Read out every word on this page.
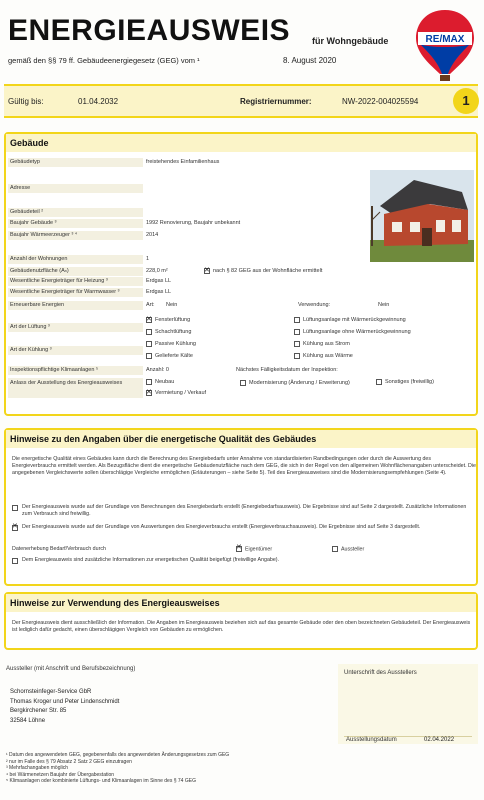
ENERGIEAUSWEIS für Wohngebäude
gemäß den §§ 79 ff. Gebäudeenergiegesetz (GEG) vom ¹	8. August 2020
RE/MAX
Gültig bis:	01.04.2032	Registriernummer:	NW-2022-004025594	1
Gebäude
Gebäudetyp	freistehendes Einfamilienhaus
Adresse
Gebäudeteil ²
Baujahr Gebäude ³	1992 Renovierung, Baujahr unbekannt
Baujahr Wärmeerzeuger ³ ⁴	2014
Anzahl der Wohnungen	1
Gebäudenutzfläche (Aₙ)	228,0 m² ✕	nach § 82 GEG aus der Wohnfläche ermittelt
Wesentliche Energieträger für Heizung ³	Erdgas LL
Wesentliche Energieträger für Warmwasser ³	Erdgas LL
Erneuerbare Energien	Art: Nein	Verwendung:	Nein
Art der Lüftung ³
✕Fensterlüftung
Schachtlüftung
Lüftungsanlage mit Wärmerückgewinnung
Lüftungsanlage ohne Wärmerückgewinnung
Art der Kühlung ³
Passive Kühlung
Geliefertе Kälte
Kühlung aus Strom
Kühlung aus Wärme
Inspektionspflichtige Klimaanlagen ⁵	Anzahl: 0	Nächstes Fälligkeitsdatum der Inspektion:
Anlass der Ausstellung des Energieausweises	Neubau
✕Vermietung / Verkauf
Modernisierung (Änderung / Erweiterung)	Sonstiges (freiwillig)
Hinweise zu den Angaben über die energetische Qualität des Gebäudes
Die energetische Qualität eines Gebäudes kann durch die Berechnung des Energiebedarfs unter Annahme von standardisierten Randbedingungen oder durch die Auswertung des Energieverbrauchs ermittelt werden. Als Bezugsfläche dient die energetische Gebäudenutzfläche nach dem GEG, die sich in der Regel von den allgemeinen Wohnflächenangaben unterscheidet. Die angegebenen Vergleichswerte sollen überschlägige Vergleiche ermöglichen (Erläuterungen – siehe Seite 5). Teil des Energieausweises sind die Modernisierungsempfehlungen (Seite 4).
Der Energieausweis wurde auf der Grundlage von Berechnungen des Energiebedarfs erstellt (Energiebedarfsausweis). Die Ergebnisse sind auf Seite 2 dargestellt. Zusätzliche Informationen zum Verbrauch sind freiwillig.
✕
Der Energieausweis wurde auf der Grundlage von Auswertungen des Energieverbrauchs erstellt (Energieverbrauchsausweis). Die Ergebnisse sind auf Seite 3 dargestellt.
Datenerhebung Bedarf/Verbrauch durch ✕	Eigentümer	Aussteller
Dem Energieausweis sind zusätzliche Informationen zur energetischen Qualität beigefügt (freiwillige Angabe).
Hinweise zur Verwendung des Energieausweises
Der Energieausweis dient ausschließlich der Information. Die Angaben im Energieausweis beziehen sich auf das gesamte Gebäude oder den oben bezeichneten Gebäudeteil. Der Energieausweis ist lediglich dafür gedacht, einen überschlägigen Vergleich von Gebäuden zu ermöglichen.
Aussteller (mit Anschrift und Berufsbezeichnung)
Schornsteinfeger-Service GbR
Thomas Kroger und Peter Lindenschmidt
Bergkirchener Str. 85
32584 Löhne
Unterschrift des Ausstellers
Ausstellungsdatum	02.04.2022
¹ Datum des angewendeten GEG, gegebenenfalls des angewendeten Änderungsgesetzes zum GEG
² nur im Falle des § 79 Absatz 2 Satz 2 GEG einzutragen
³ Mehrfachangaben möglich
⁴ bei Wärmenetzen Baujahr der Übergabestation
⁵ Klimaanlagen oder kombinierte Lüftungs- und Klimaanlagen im Sinne des § 74 GEG
